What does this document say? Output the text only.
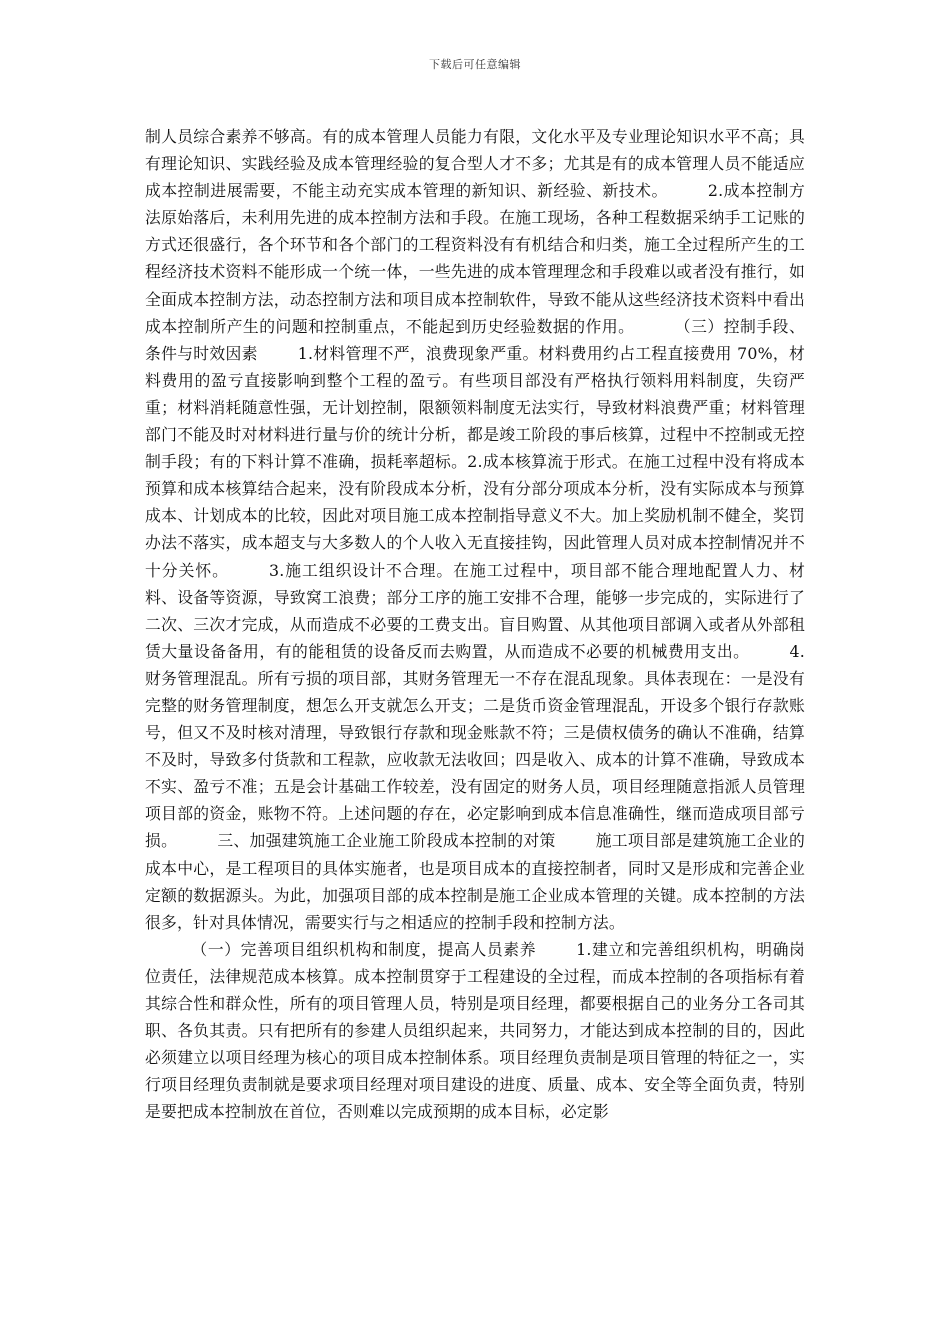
下载后可任意编辑

制人员综合素养不够高。有的成本管理人员能力有限，文化水平及专业理论知识水平不高；具有理论知识、实践经验及成本管理经验的复合型人才不多；尤其是有的成本管理人员不能适应成本控制进展需要，不能主动充实成本管理的新知识、新经验、新技术。	2.成本控制方法原始落后，未利用先进的成本控制方法和手段。在施工现场，各种工程数据采纳手工记账的方式还很盛行，各个环节和各个部门的工程资料没有有机结合和归类，施工全过程所产生的工程经济技术资料不能形成一个统一体，一些先进的成本管理理念和手段难以或者没有推行，如全面成本控制方法，动态控制方法和项目成本控制软件，导致不能从这些经济技术资料中看出成本控制所产生的问题和控制重点，不能起到历史经验数据的作用。	（三）控制手段、条件与时效因素	1.材料管理不严，浪费现象严重。材料费用约占工程直接费用 70%，材料费用的盈亏直接影响到整个工程的盈亏。有些项目部没有严格执行领料用料制度，失窃严重；材料消耗随意性强，无计划控制，限额领料制度无法实行，导致材料浪费严重；材料管理部门不能及时对材料进行量与价的统计分析，都是竣工阶段的事后核算，过程中不控制或无控制手段；有的下料计算不准确，损耗率超标。2.成本核算流于形式。在施工过程中没有将成本预算和成本核算结合起来，没有阶段成本分析，没有分部分项成本分析，没有实际成本与预算成本、计划成本的比较，因此对项目施工成本控制指导意义不大。加上奖励机制不健全，奖罚办法不落实，成本超支与大多数人的个人收入无直接挂钩，因此管理人员对成本控制情况并不十分关怀。	3.施工组织设计不合理。在施工过程中，项目部不能合理地配置人力、材料、设备等资源，导致窝工浪费；部分工序的施工安排不合理，能够一步完成的，实际进行了二次、三次才完成，从而造成不必要的工费支出。盲目购置、从其他项目部调入或者从外部租赁大量设备备用，有的能租赁的设备反而去购置，从而造成不必要的机械费用支出。	4.财务管理混乱。所有亏损的项目部，其财务管理无一不存在混乱现象。具体表现在：一是没有完整的财务管理制度，想怎么开支就怎么开支；二是货币资金管理混乱，开设多个银行存款账号，但又不及时核对清理，导致银行存款和现金账款不符；三是债权债务的确认不准确，结算不及时，导致多付货款和工程款，应收款无法收回；四是收入、成本的计算不准确，导致成本不实、盈亏不准；五是会计基础工作较差，没有固定的财务人员，项目经理随意指派人员管理项目部的资金，账物不符。上述问题的存在，必定影响到成本信息准确性，继而造成项目部亏损。	三、加强建筑施工企业施工阶段成本控制的对策	施工项目部是建筑施工企业的成本中心，是工程项目的具体实施者，也是项目成本的直接控制者，同时又是形成和完善企业定额的数据源头。为此，加强项目部的成本控制是施工企业成本管理的关键。成本控制的方法很多，针对具体情况，需要实行与之相适应的控制手段和控制方法。

（一）完善项目组织机构和制度，提高人员素养	1.建立和完善组织机构，明确岗位责任，法律规范成本核算。成本控制贯穿于工程建设的全过程，而成本控制的各项指标有着其综合性和群众性，所有的项目管理人员，特别是项目经理，都要根据自己的业务分工各司其职、各负其责。只有把所有的参建人员组织起来，共同努力，才能达到成本控制的目的，因此必须建立以项目经理为核心的项目成本控制体系。项目经理负责制是项目管理的特征之一，实行项目经理负责制就是要求项目经理对项目建设的进度、质量、成本、安全等全面负责，特别是要把成本控制放在首位，否则难以完成预期的成本目标，必定影
